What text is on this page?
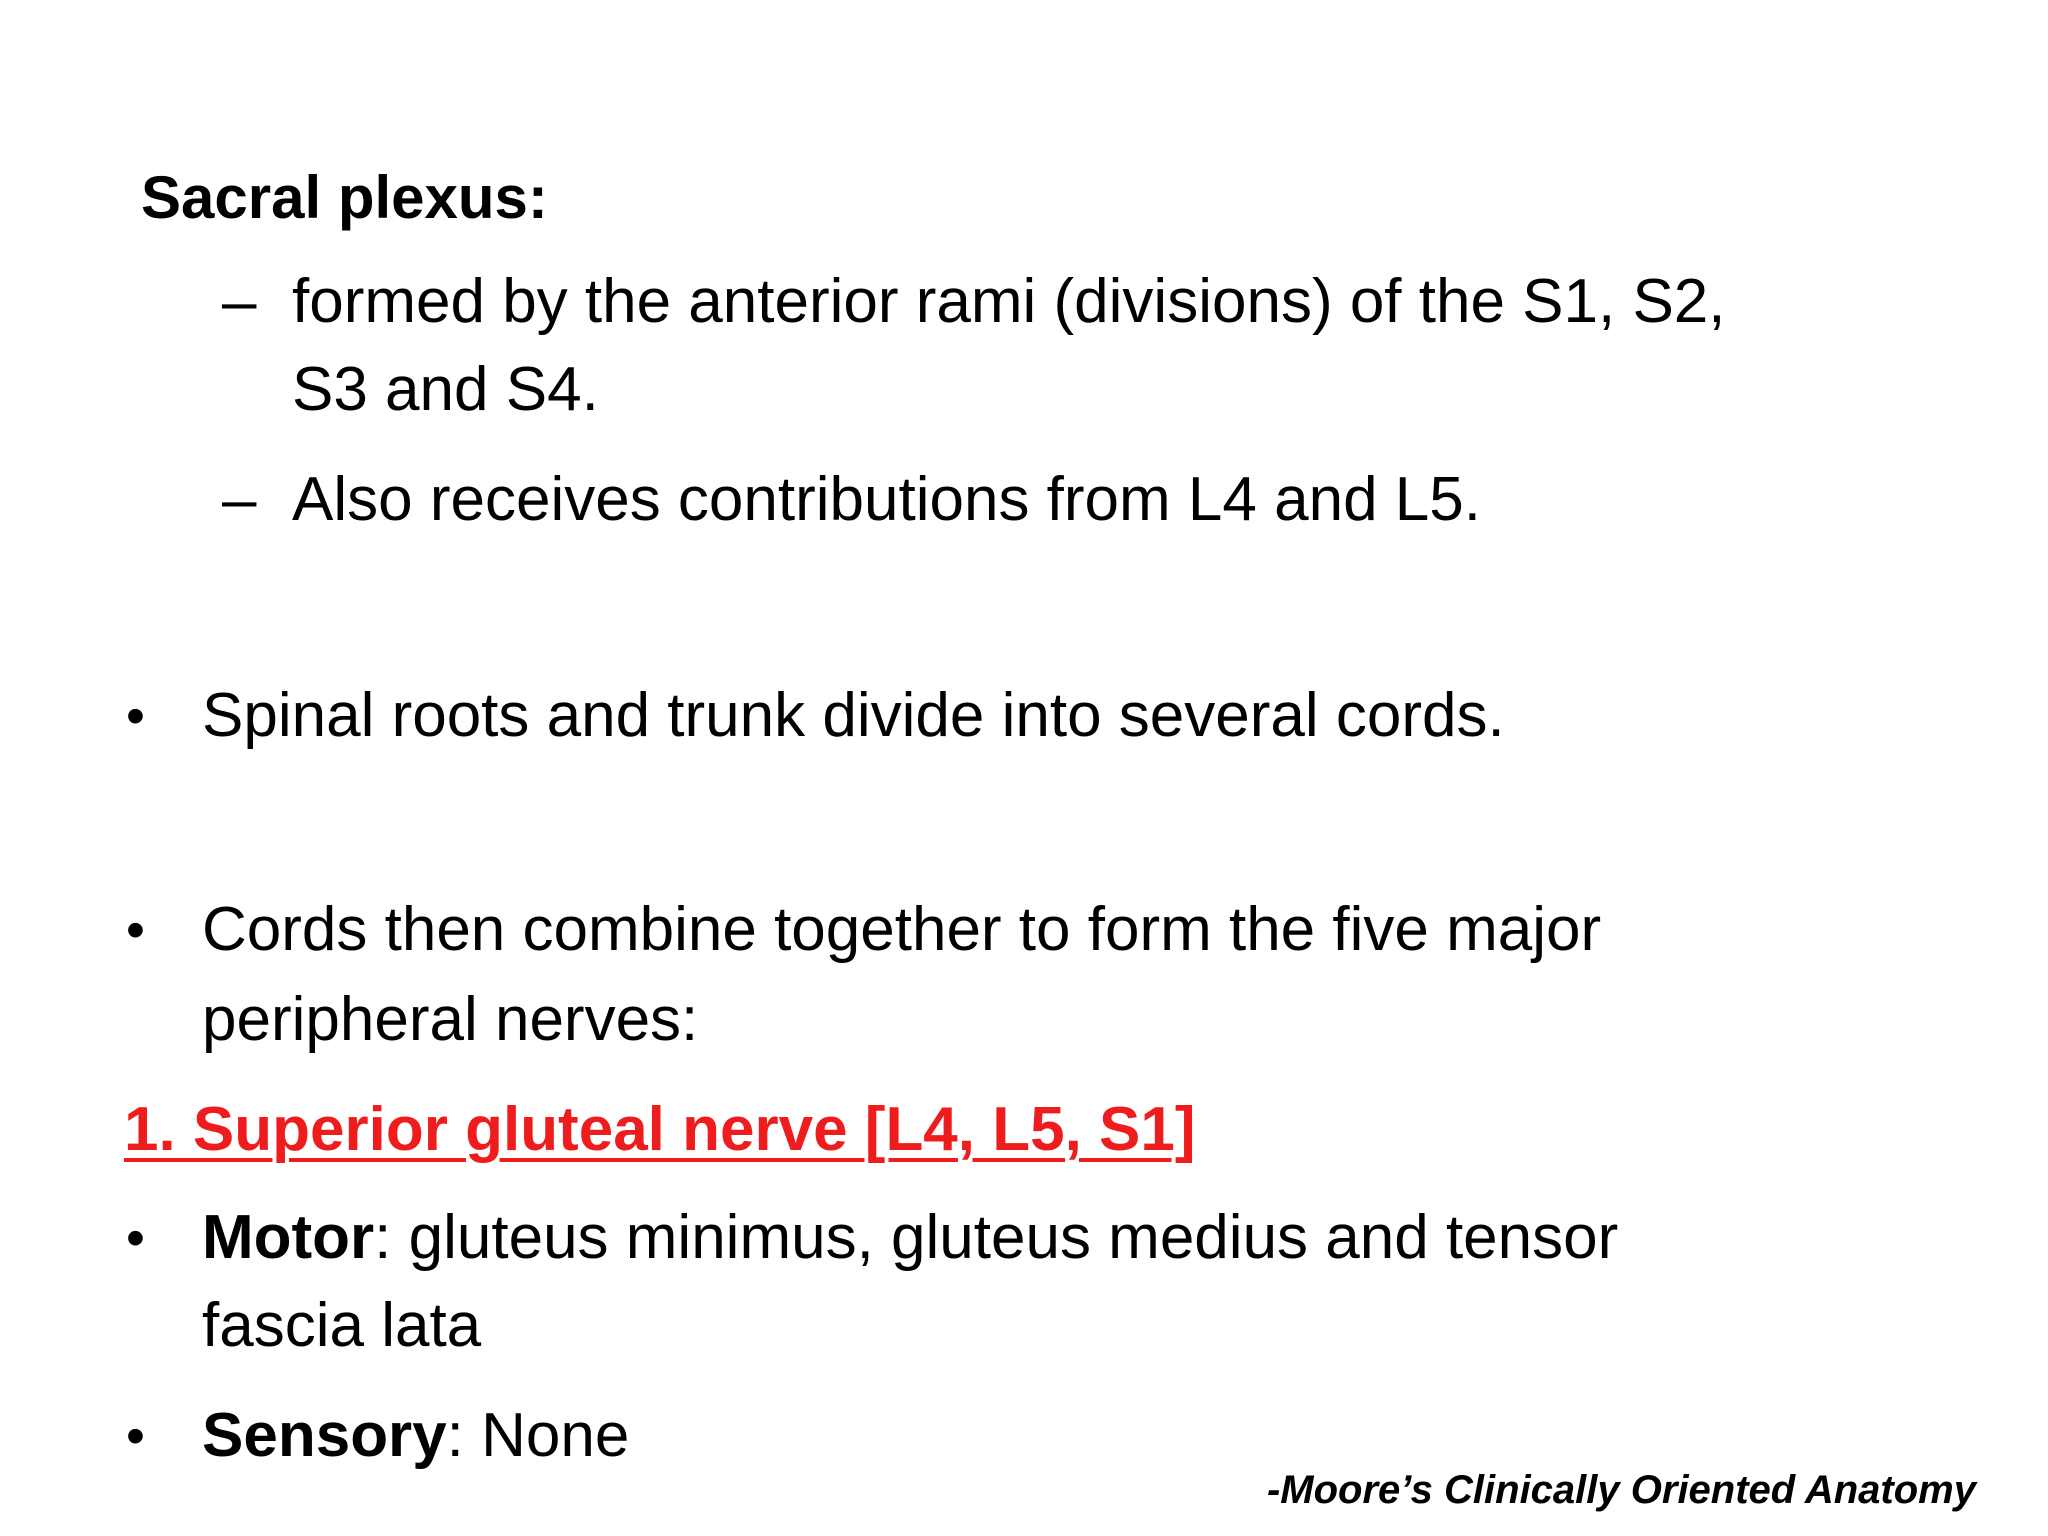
Sacral plexus:
– formed by the anterior rami (divisions) of the S1, S2,
S3 and S4.
– Also receives contributions from L4 and L5.
• Spinal roots and trunk divide into several cords.
• Cords then combine together to form the five major
peripheral nerves:
1. Superior gluteal nerve [L4, L5, S1]
• Motor: gluteus minimus, gluteus medius and tensor
fascia lata
• Sensory: None
-Moore’s Clinically Oriented Anatomy
